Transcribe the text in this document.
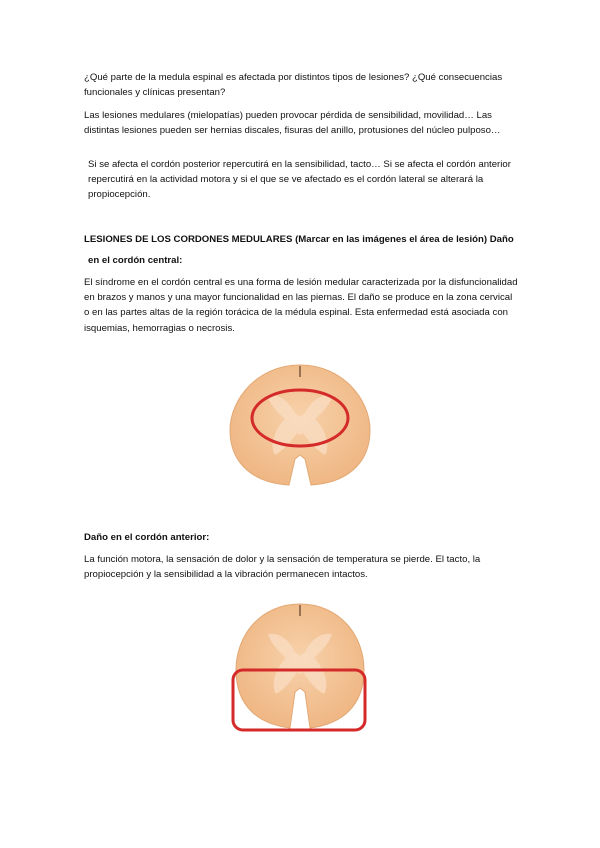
¿Qué parte de la medula espinal es afectada por distintos tipos de lesiones? ¿Qué consecuencias funcionales y clínicas presentan?

Las lesiones medulares (mielopatías) pueden provocar pérdida de sensibilidad, movilidad… Las distintas lesiones pueden ser hernias discales, fisuras del anillo, protusiones del núcleo pulposo…

Si se afecta el cordón posterior repercutirá en la sensibilidad, tacto… Si se afecta el cordón anterior repercutirá en la actividad motora y si el que se ve afectado es el cordón lateral se alterará la propiocepción.

LESIONES DE LOS CORDONES MEDULARES (Marcar en las imágenes el área de lesión) Daño

en el cordón central:

El síndrome en el cordón central es una forma de lesión medular caracterizada por la disfuncionalidad en brazos y manos y una mayor funcionalidad en las piernas. El daño se produce en la zona cervical o en las partes altas de la región torácica de la médula espinal. Esta enfermedad está asociada con isquemias, hemorragias o necrosis.

Daño en el cordón anterior:

La función motora, la sensación de dolor y la sensación de temperatura se pierde. El tacto, la propiocepción y la sensibilidad a la vibración permanecen intactos.
